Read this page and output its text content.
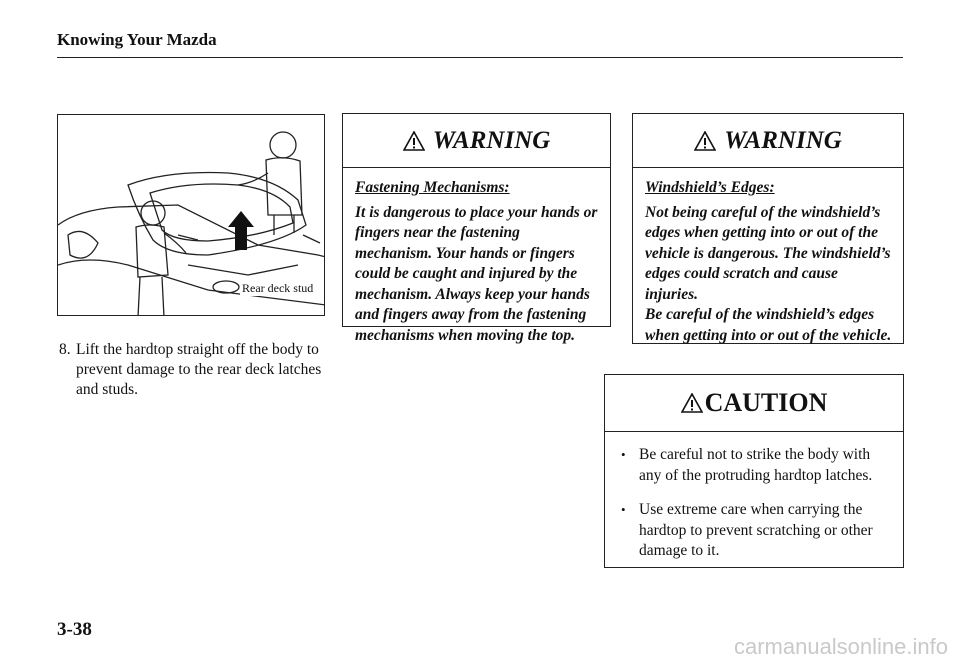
Knowing Your Mazda
Rear deck stud
8. Lift the hardtop straight off the body to prevent damage to the rear deck latches and studs.
WARNING
Fastening Mechanisms:
It is dangerous to place your hands or fingers near the fastening mechanism. Your hands or fingers could be caught and injured by the mechanism. Always keep your hands and fingers away from the fastening mechanisms when moving the top.
WARNING
Windshield’s Edges:
Not being careful of the windshield’s edges when getting into or out of the vehicle is dangerous. The windshield’s edges could scratch and cause injuries.
Be careful of the windshield’s edges when getting into or out of the vehicle.
CAUTION
• Be careful not to strike the body with any of the protruding hardtop latches.
• Use extreme care when carrying the hardtop to prevent scratching or other damage to it.
3-38
carmanualsonline.info
